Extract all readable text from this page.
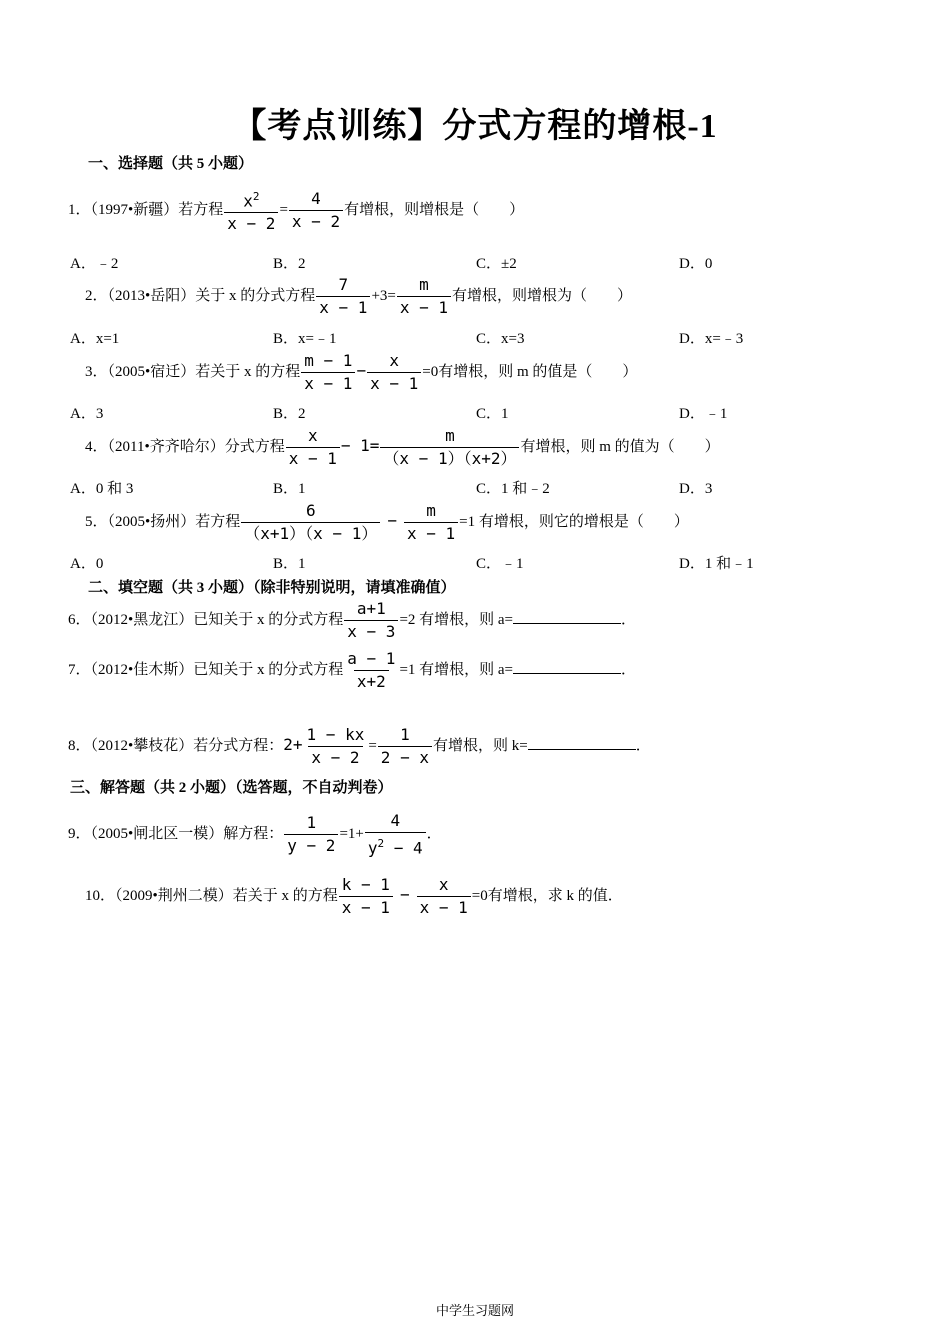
【考点训练】分式方程的增根-1
一、选择题（共 5 小题）
1．（1997•新疆）若方程 $\frac{x^2}{x - 2} = \frac{4}{x - 2}$ 有增根，则增根是（　　）
A．﹣2	B．2	C．±2	D．0
2．（2013•岳阳）关于 x 的分式方程 $\frac{7}{x - 1} +3= \frac{m}{x - 1}$ 有增根，则增根为（　　）
A．x=1	B．x=﹣1	C．x=3	D．x=﹣3
3．（2005•宿迁）若关于 x 的方程 $\frac{m - 1}{x - 1} - \frac{x}{x - 1} =0$有增根，则 m 的值是（　　）
A．3	B．2	C．1	D．﹣1
4．（2011•齐齐哈尔）分式方程 $\frac{x}{x - 1} - 1= \frac{m}{(x - 1)(x+2)}$ 有增根，则 m 的值为（　　）
A．0 和 3	B．1	C．1 和﹣2	D．3
5．（2005•扬州）若方程 $\frac{6}{(x+1)(x - 1)} - \frac{m}{x - 1} =1$ 有增根，则它的增根是（　　）
A．0	B．1	C．﹣1	D．1 和﹣1
二、填空题（共 3 小题）（除非特别说明，请填准确值）
6．（2012•黑龙江）已知关于 x 的分式方程 $\frac{a+1}{x - 3} =2$ 有增根，则 a=	．
7．（2012•佳木斯）已知关于 x 的分式方程 $\frac{a - 1}{x+2} =1$ 有增根，则 a=	．
8．（2012•攀枝花）若分式方程：$2+ \frac{1 - kx}{x - 2} = \frac{1}{2 - x}$ 有增根，则 k=	．
三、解答题（共 2 小题）（选答题，不自动判卷）
9．（2005•闸北区一模）解方程： $\frac{1}{y - 2} =1+ \frac{4}{y^2 - 4}$ ．
10．（2009•荆州二模）若关于 x 的方程 $\frac{k - 1}{x - 1} - \frac{x}{x - 1} =0$有增根，求 k 的值．
中学生习题网
